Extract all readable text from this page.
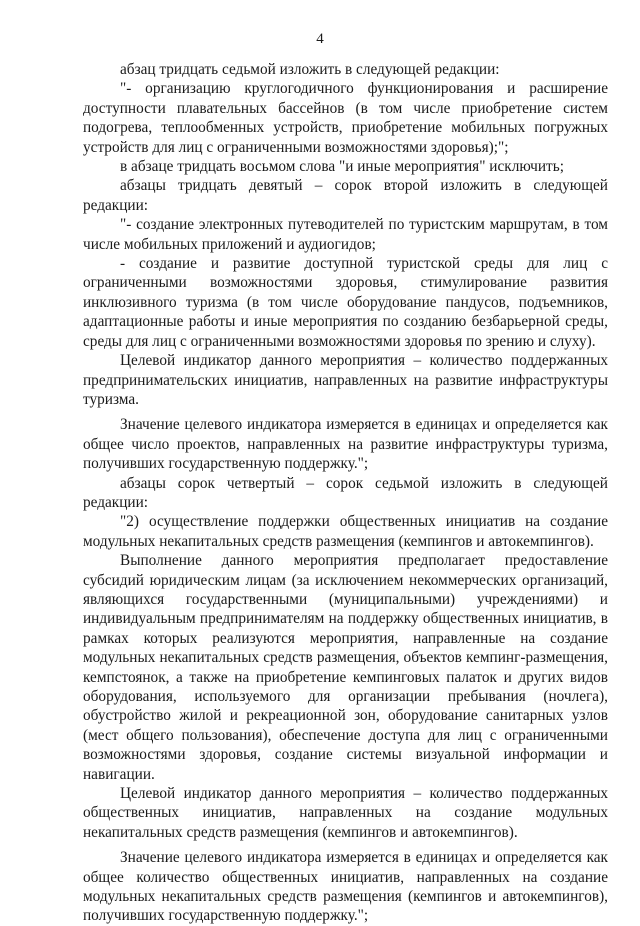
4

абзац тридцать седьмой изложить в следующей редакции:

"- организацию круглогодичного функционирования и расширение доступности плавательных бассейнов (в том числе приобретение систем подогрева, теплообменных устройств, приобретение мобильных погружных устройств для лиц с ограниченными возможностями здоровья);";

в абзаце тридцать восьмом слова "и иные мероприятия" исключить;

абзацы тридцать девятый – сорок второй изложить в следующей редакции:

"- создание электронных путеводителей по туристским маршрутам, в том числе мобильных приложений и аудиогидов;

- создание и развитие доступной туристской среды для лиц с ограниченными возможностями здоровья, стимулирование развития инклюзивного туризма (в том числе оборудование пандусов, подъемников, адаптационные работы и иные мероприятия по созданию безбарьерной среды, среды для лиц с ограниченными возможностями здоровья по зрению и слуху).

Целевой индикатор данного мероприятия – количество поддержанных предпринимательских инициатив, направленных на развитие инфраструктуры туризма.

Значение целевого индикатора измеряется в единицах и определяется как общее число проектов, направленных на развитие инфраструктуры туризма, получивших государственную поддержку.";

абзацы сорок четвертый – сорок седьмой изложить в следующей редакции:

"2) осуществление поддержки общественных инициатив на создание модульных некапитальных средств размещения (кемпингов и автокемпингов).

Выполнение данного мероприятия предполагает предоставление субсидий юридическим лицам (за исключением некоммерческих организаций, являющихся государственными (муниципальными) учреждениями) и индивидуальным предпринимателям на поддержку общественных инициатив, в рамках которых реализуются мероприятия, направленные на создание модульных некапитальных средств размещения, объектов кемпинг-размещения, кемпстоянок, а также на приобретение кемпинговых палаток и других видов оборудования, используемого для организации пребывания (ночлега), обустройство жилой и рекреационной зон, оборудование санитарных узлов (мест общего пользования), обеспечение доступа для лиц с ограниченными возможностями здоровья, создание системы визуальной информации и навигации.

Целевой индикатор данного мероприятия – количество поддержанных общественных инициатив, направленных на создание модульных некапитальных средств размещения (кемпингов и автокемпингов).

Значение целевого индикатора измеряется в единицах и определяется как общее количество общественных инициатив, направленных на создание модульных некапитальных средств размещения (кемпингов и автокемпингов), получивших государственную поддержку.";
